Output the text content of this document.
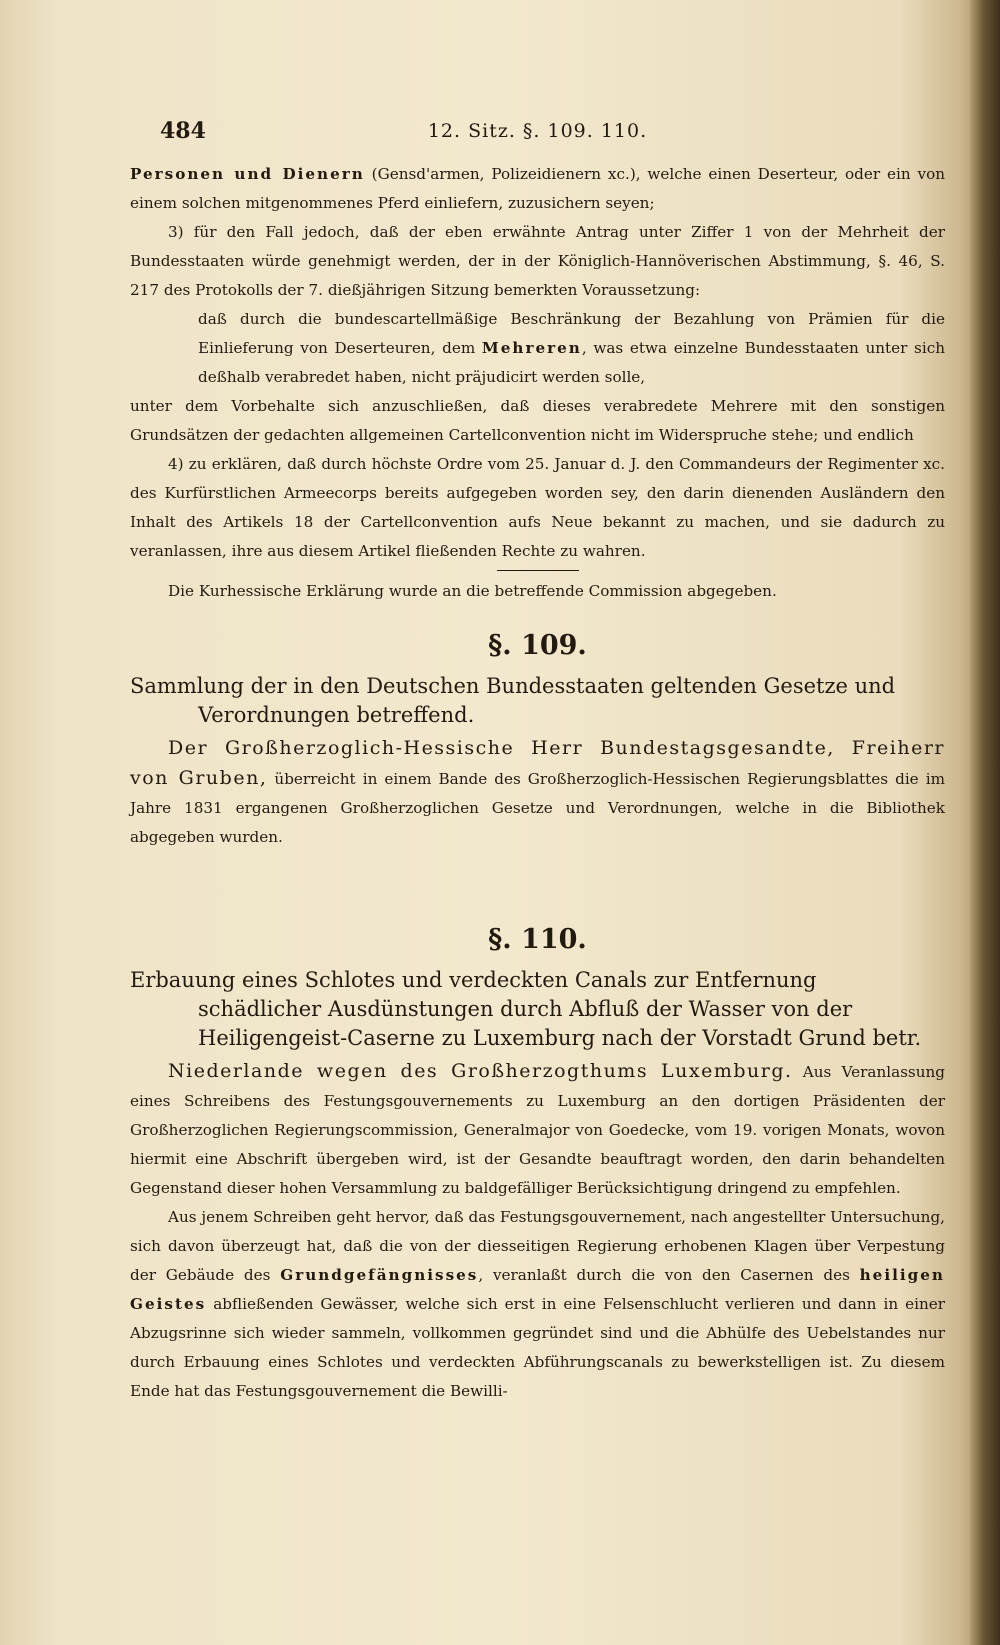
484	12. Sitz. §. 109. 110.

Personen und Dienern (Gensd'armen, Polizeidienern xc.), welche einen Deserteur, oder ein von einem solchen mitgenommenes Pferd einliefern, zuzusichern seyen;

3) für den Fall jedoch, daß der eben erwähnte Antrag unter Ziffer 1 von der Mehrheit der Bundesstaaten würde genehmigt werden, der in der Königlich-Hannöverischen Abstimmung, §. 46, S. 217 des Protokolls der 7. dießjährigen Sitzung bemerkten Voraussetzung:

daß durch die bundescartellmäßige Beschränkung der Bezahlung von Prämien für die Einlieferung von Deserteuren, dem Mehreren, was etwa einzelne Bundesstaaten unter sich deßhalb verabredet haben, nicht präjudicirt werden solle,

unter dem Vorbehalte sich anzuschließen, daß dieses verabredete Mehrere mit den sonstigen Grundsätzen der gedachten allgemeinen Cartellconvention nicht im Widerspruche stehe; und endlich

4) zu erklären, daß durch höchste Ordre vom 25. Januar d. J. den Commandeurs der Regimenter xc. des Kurfürstlichen Armeecorps bereits aufgegeben worden sey, den darin dienenden Ausländern den Inhalt des Artikels 18 der Cartellconvention aufs Neue bekannt zu machen, und sie dadurch zu veranlassen, ihre aus diesem Artikel fließenden Rechte zu wahren.

Die Kurhessische Erklärung wurde an die betreffende Commission abgegeben.

§. 109.
Sammlung der in den Deutschen Bundesstaaten geltenden Gesetze und Verordnungen betreffend.

Der Großherzoglich-Hessische Herr Bundestagsgesandte, Freiherr von Gruben, überreicht in einem Bande des Großherzoglich-Hessischen Regierungsblattes die im Jahre 1831 ergangenen Großherzoglichen Gesetze und Verordnungen, welche in die Bibliothek abgegeben wurden.

§. 110.
Erbauung eines Schlotes und verdeckten Canals zur Entfernung schädlicher Ausdünstungen durch Abfluß der Wasser von der Heiligengeist-Caserne zu Luxemburg nach der Vorstadt Grund betr.

Niederlande wegen des Großherzogthums Luxemburg. Aus Veranlassung eines Schreibens des Festungsgouvernements zu Luxemburg an den dortigen Präsidenten der Großherzoglichen Regierungscommission, Generalmajor von Goedecke, vom 19. vorigen Monats, wovon hiermit eine Abschrift übergeben wird, ist der Gesandte beauftragt worden, den darin behandelten Gegenstand dieser hohen Versammlung zu baldgefälliger Berücksichtigung dringend zu empfehlen.

Aus jenem Schreiben geht hervor, daß das Festungsgouvernement, nach angestellter Untersuchung, sich davon überzeugt hat, daß die von der diesseitigen Regierung erhobenen Klagen über Verpestung der Gebäude des Grundgefängnisses, veranlaßt durch die von den Casernen des heiligen Geistes abfließenden Gewässer, welche sich erst in eine Felsenschlucht verlieren und dann in einer Abzugsrinne sich wieder sammeln, vollkommen gegründet sind und die Abhülfe des Uebelstandes nur durch Erbauung eines Schlotes und verdeckten Abführungscanals zu bewerkstelligen ist. Zu diesem Ende hat das Festungsgouvernement die Bewilli-
